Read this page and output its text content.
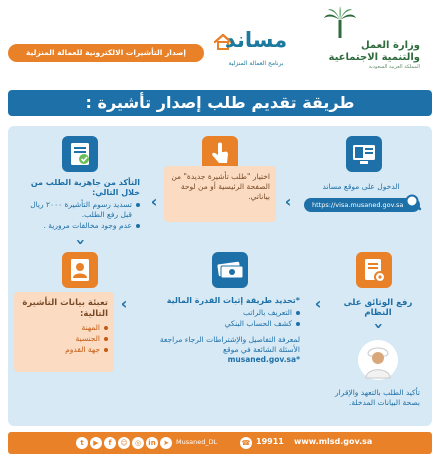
وزارة العمل
والتنمية الاجتماعية
المملكة العربية السعودية
مساند
برنامج العمالة المنزلية
إصدار التأشيرات الالكترونية للعمالة المنزلية
طريقة تقديم طلب إصدار تأشيرة :
الدخول على موقع مساند
https://visa.musaned.gov.sa
‹
اختيار "طلب تأشيرة جديدة" من الصفحة الرئيسية أو من لوحة بياناتي.
‹
التأكد من جاهزية الطلب من خلال التالي:
تسديد رسوم التأشيرة ٢٠٠٠ ريال قبل رفع الطلب.
عدم وجود مخالفات مرورية .
‹
رفع الوثائق على النظام
‹
*تحديد طريقة إثبات القدرة المالية
التعريف بالراتب
كشف الحساب البنكي
لمعرفة التفاصيل والإشتراطات الرجاء مراجعة الأسئلة الشائعة في موقع
musaned.gov.sa*
‹
تعبئة بيانات التأشيرة التالية:
المهنة
الجنسية
جهة القدوم
‹
تأكيد الطلب بالتعهد والإقرار بصحة البيانات المدخلة.
t	▶	f	☺	◎	in	➤	Musaned_DL	☎ 19911 www.mlsd.gov.sa
